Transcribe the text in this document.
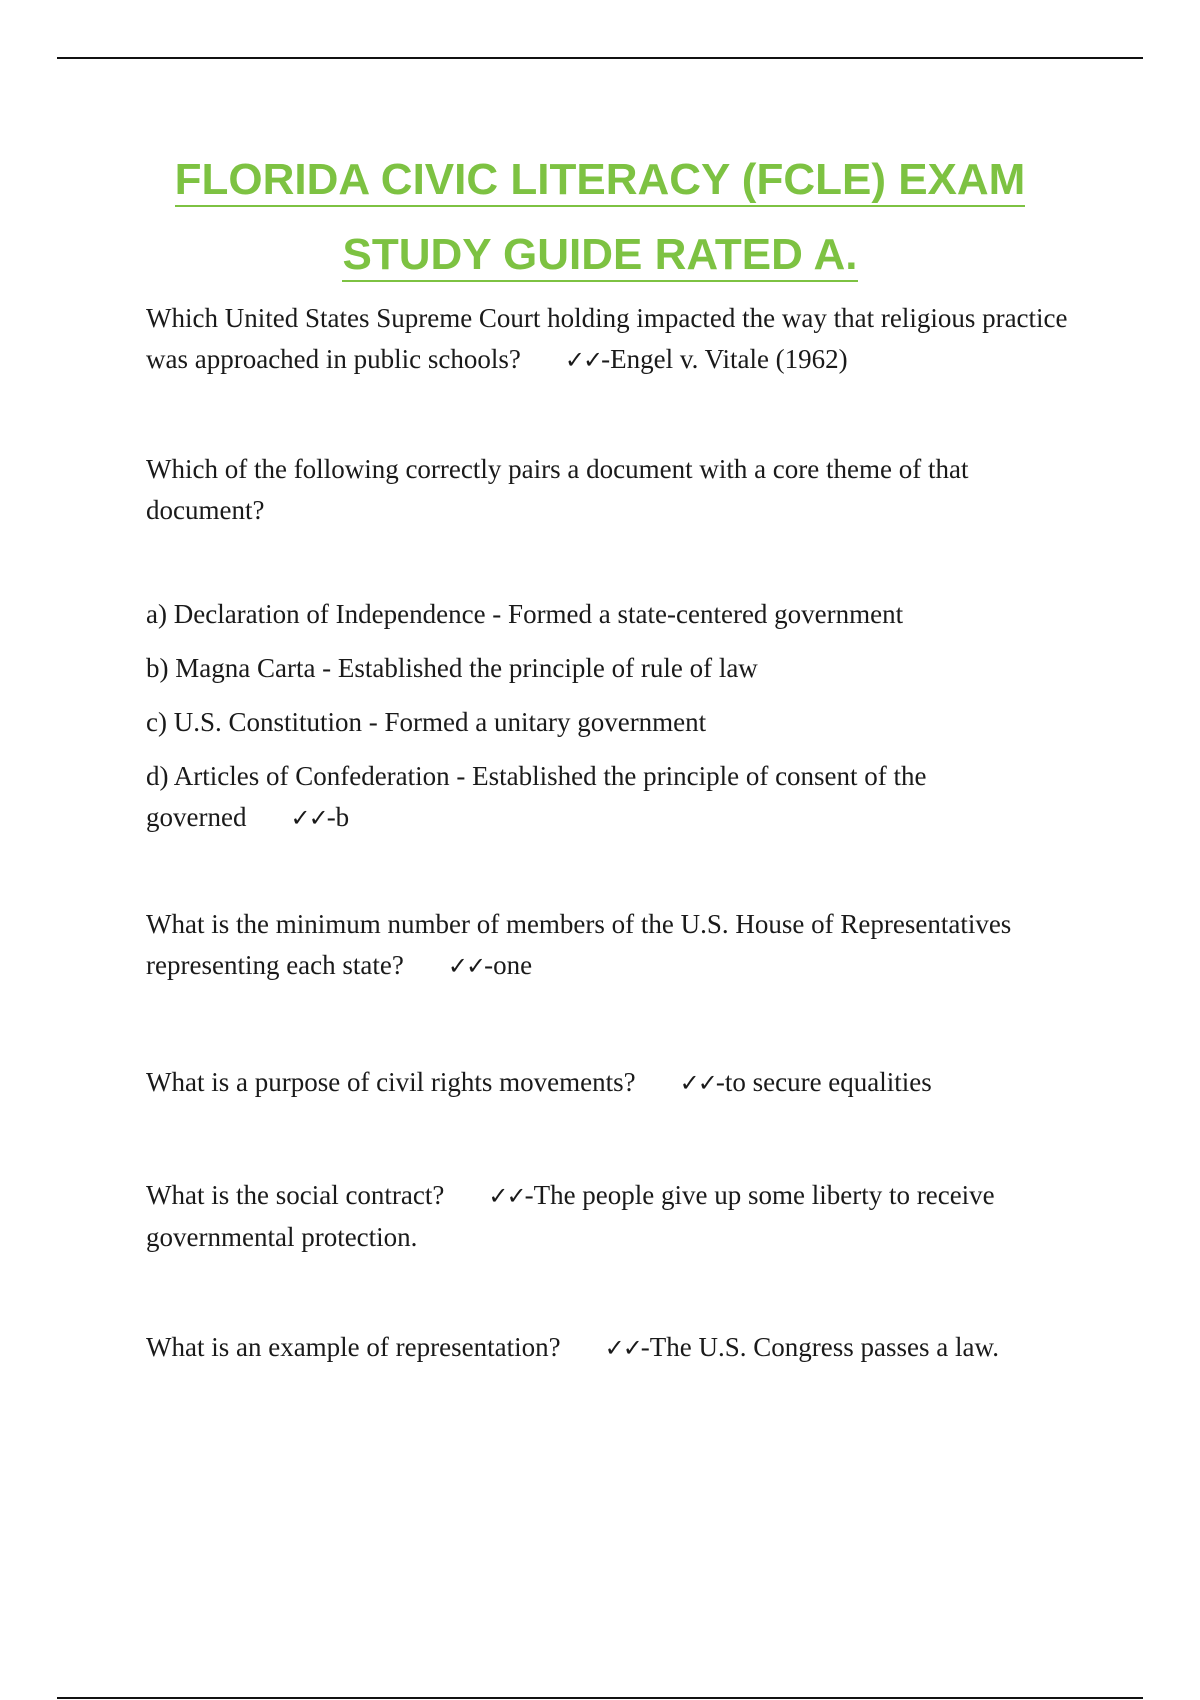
FLORIDA CIVIC LITERACY (FCLE) EXAM
STUDY GUIDE RATED A.
Which United States Supreme Court holding impacted the way that religious practice was approached in public schools? ✓✓-Engel v. Vitale (1962)
Which of the following correctly pairs a document with a core theme of that document?
a) Declaration of Independence - Formed a state-centered government
b) Magna Carta - Established the principle of rule of law
c) U.S. Constitution - Formed a unitary government
d) Articles of Confederation - Established the principle of consent of the governed ✓✓-b
What is the minimum number of members of the U.S. House of Representatives representing each state? ✓✓-one
What is a purpose of civil rights movements? ✓✓-to secure equalities
What is the social contract? ✓✓-The people give up some liberty to receive governmental protection.
What is an example of representation? ✓✓-The U.S. Congress passes a law.
